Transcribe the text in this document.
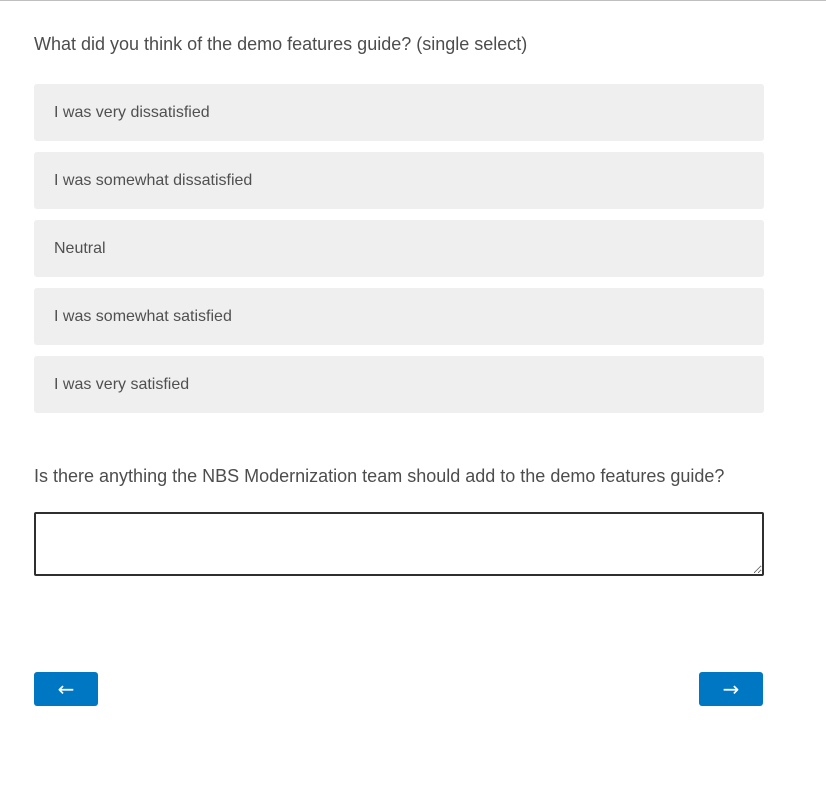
What did you think of the demo features guide? (single select)
I was very dissatisfied
I was somewhat dissatisfied
Neutral
I was somewhat satisfied
I was very satisfied
Is there anything the NBS Modernization team should add to the demo features guide?
←	→
